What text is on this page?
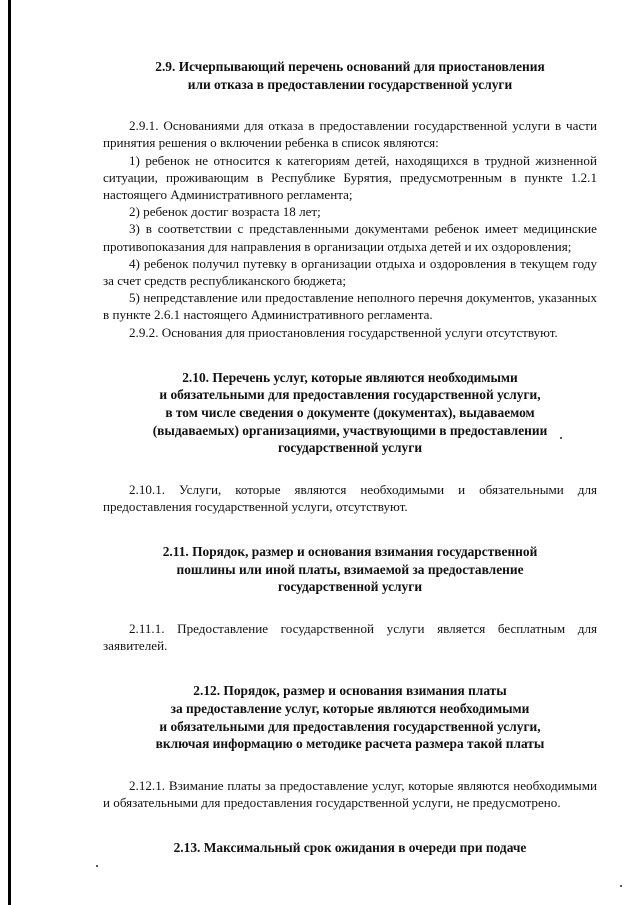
2.9. Исчерпывающий перечень оснований для приостановления
или отказа в предоставлении государственной услуги

2.9.1. Основаниями для отказа в предоставлении государственной услуги в части принятия решения о включении ребенка в список являются:

1) ребенок не относится к категориям детей, находящихся в трудной жизненной ситуации, проживающим в Республике Бурятия, предусмотренным в пункте 1.2.1 настоящего Административного регламента;

2) ребенок достиг возраста 18 лет;

3) в соответствии с представленными документами ребенок имеет медицинские противопоказания для направления в организации отдыха детей и их оздоровления;

4) ребенок получил путевку в организации отдыха и оздоровления в текущем году за счет средств республиканского бюджета;

5) непредставление или предоставление неполного перечня документов, указанных в пункте 2.6.1 настоящего Административного регламента.

2.9.2. Основания для приостановления государственной услуги отсутствуют.

2.10. Перечень услуг, которые являются необходимыми
и обязательными для предоставления государственной услуги,
в том числе сведения о документе (документах), выдаваемом
(выдаваемых) организациями, участвующими в предоставлении
государственной услуги

2.10.1. Услуги, которые являются необходимыми и обязательными для предоставления государственной услуги, отсутствуют.

2.11. Порядок, размер и основания взимания государственной
пошлины или иной платы, взимаемой за предоставление
государственной услуги

2.11.1. Предоставление государственной услуги является бесплатным для заявителей.

2.12. Порядок, размер и основания взимания платы
за предоставление услуг, которые являются необходимыми
и обязательными для предоставления государственной услуги,
включая информацию о методике расчета размера такой платы

2.12.1. Взимание платы за предоставление услуг, которые являются необходимыми и обязательными для предоставления государственной услуги, не предусмотрено.

2.13. Максимальный срок ожидания в очереди при подаче
